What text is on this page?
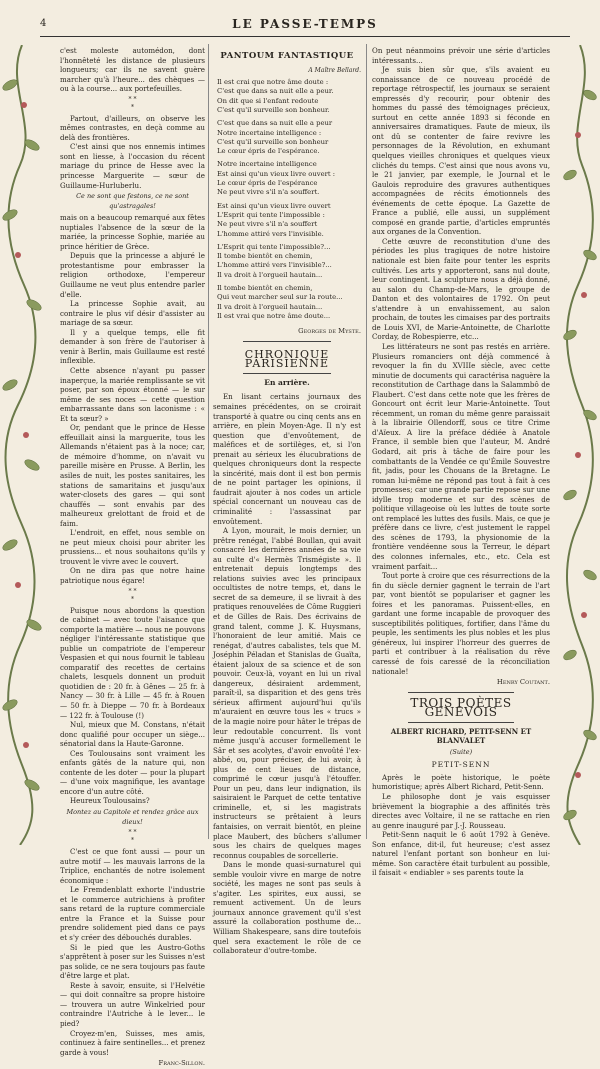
4	LE PASSE-TEMPS

c'est moleste automédon, dont l'honnêteté les distance de plusieurs longueurs; car ils ne savent guère marcher qu'à l'heure... des chèques — ou à la course... aux portefeuilles.

* *
*

Partout, d'ailleurs, on observe les mêmes contrastes, en deçà comme au delà des frontières.

C'est ainsi que nos ennemis intimes sont en liesse, à l'occasion du récent mariage du prince de Hesse avec la princesse Marguerite — sœur de Guillaume-Hurluberlu.

Ce ne sont que festons, ce ne sont qu'astragales!

mais on a beaucoup remarqué aux fêtes nuptiales l'absence de la sœur de la mariée, la princesse Sophie, mariée au prince héritier de Grèce.

Depuis que la princesse a abjuré le protestantisme pour embrasser la religion orthodoxe, l'empereur Guillaume ne veut plus entendre parler d'elle.

La princesse Sophie avait, au contraire le plus vif désir d'assister au mariage de sa sœur.

Il y a quelque temps, elle fit demander à son frère de l'autoriser à venir à Berlin, mais Guillaume est resté inflexible.

Cette absence n'ayant pu passer inaperçue, la mariée remplissante se vit poser, par son époux étonné — le sur même de ses noces — cette question embarrassante dans son laconisme : « Et ta sœur? »

Or, pendant que le prince de Hesse effeuillait ainsi la marguerite, tous les Allemands n'étaient pas à la noce; car, de mémoire d'homme, on n'avait vu pareille misère en Prusse. A Berlin, les asiles de nuit, les postes sanitaires, les stations de samaritains et jusqu'aux water-closets des gares — qui sont chauffés — sont envahis par des malheureux grelottant de froid et de faim.

L'endroit, en effet, nous semble on ne peut mieux choisi pour abriter les prussiens... et nous souhaitons qu'ils y trouvent le vivre avec le couvert.

On ne dira pas que notre haine patriotique nous égare!

* *
*

Puisque nous abordons la question de cabinet — avec toute l'aisance que comporte la matière — nous ne pouvons négliger l'intéressante statistique que publie un compatriote de l'empereur Vespasien et qui nous fournit le tableau comparatif des recettes de certains chalets, lesquels donnent un produit quotidien de : 20 fr. à Gênes — 25 fr. à Nancy — 30 fr. à Lille — 45 fr. à Rouen — 50 fr. à Dieppe — 70 fr. à Bordeaux — 122 fr. à Toulouse (!)

Nul, mieux que M. Constans, n'était donc qualifié pour occuper un siège... sénatorial dans la Haute-Garonne.

Ces Toulousains sont vraiment les enfants gâtés de la nature qui, non contente de les doter — pour la plupart — d'une voix magnifique, les avantage encore d'un autre côté.

Heureux Toulousains?

Montez au Capitole et rendez grâce aux dieux!
* *
*

C'est ce que font aussi — pour un autre motif — les mauvais larrons de la Triplice, enchantés de notre isolement économique :

Le Fremdenblatt exhorte l'industrie et le commerce autrichiens à profiter sans retard de la rupture commerciale entre la France et la Suisse pour prendre solidement pied dans ce pays et s'y créer des débouchés durables.

Si le pied que les Austro-Goths s'apprêtent à poser sur les Suisses n'est pas solide, ce ne sera toujours pas faute d'être large et plat.

Reste à savoir, ensuite, si l'Helvétie — qui doit connaître sa propre histoire — trouvera un autre Winkelried pour contraindre l'Autriche à le lever... le pied?

Croyez-m'en, Suisses, mes amis, continuez à faire sentinelles... et prenez garde à vous!

Franc-Sillon.
PANTOUM FANTASTIQUE
A Maître Bellard.
Il est crai que notre âme doute :
C'est que dans sa nuit elle a peur.
On dit que si l'enfant redoute
C'est qu'il surveille son bonheur.
C'est que dans sa nuit elle a peur
Notre incertaine intelligence :
C'est qu'il surveille son bonheur
Le cœur épris de l'espérance.
Notre incertaine intelligence
Est ainsi qu'un vieux livre ouvert :
Le cœur épris de l'espérance
Ne peut vivre s'il n'a souffert.
Est ainsi qu'un vieux livre ouvert
L'Esprit qui tente l'impossible :
Ne peut vivre s'il n'a souffert
L'homme attiré vers l'invisible.
L'Esprit qui tente l'impossible?...
Il tombe bientôt en chemin,
L'homme attiré vers l'invisible?...
Il va droit à l'orgueil hautain...
Il tombe bientôt en chemin,
Qui veut marcher seul sur la route...
Il va droit à l'orgueil hautain...
Il est vrai que notre âme doute...
Georges de Myste.
CHRONIQUE PARISIENNE
En arrière.

En lisant certains journaux des semaines précédentes, on se croirait transporté à quatre ou cinq cents ans en arrière, en plein Moyen-Age. Il n'y est question que d'envoûtement, de maléfices et de sortilèges, et, si l'on prenait au sérieux les élucubrations de quelques chroniqueurs dont la respecte la sincérité, mais dont il est bon permis de ne point partager les opinions, il faudrait ajouter à nos codes un article spécial concernant un nouveau cas de criminalité : l'assassinat par envoûtement.

A Lyon, mourait, le mois dernier, un prêtre renégat, l'abbé Boullan, qui avait consacré les dernières années de sa vie au culte d'« Hermès Trismégiste ». Il entretenait depuis longtemps des relations suivies avec les principaux occultistes de notre temps, et, dans le secret de sa demeure, il se livrait à des pratiques renouvelées de Côme Ruggieri et de Gilles de Rais. Des écrivains de grand talent, comme J. K. Huysmans, l'honoraient de leur amitié. Mais ce renégat, d'autres cabalistes, tels que M. Joséphin Péladan et Stanislas de Guaïta, étaient jaloux de sa science et de son pouvoir. Ceux-là, voyant en lui un rival dangereux, désiraient ardemment, paraît-il, sa disparition et des gens très sérieux affirment aujourd'hui qu'ils m'auraient en œuvre tous les « trucs » de la magie noire pour hâter le trépas de leur redoutable concurrent. Ils vont même jusqu'à accuser formellement le Sâr et ses acolytes, d'avoir envoûté l'ex-abbé, ou, pour préciser, de lui avoir, à plus de cent lieues de distance, comprimé le cœur jusqu'à l'étouffer. Pour un peu, dans leur indignation, ils saisiraient le Parquet de cette tentative criminelle, et, si les magistrats instructeurs se prêtaient à leurs fantaisies, on verrait bientôt, en pleine place Maubert, des bûchers s'allumer sous les chairs de quelques mages reconnus coupables de sorcellerie.

Dans le monde quasi-surnaturel qui semble vouloir vivre en marge de notre société, les mages ne sont pas seuls à s'agiter. Les spirites, eux aussi, se remuent activement. Un de leurs journaux annonce gravement qu'il s'est assuré la collaboration posthume de... William Shakespeare, sans dire toutefois quel sera exactement le rôle de ce collaborateur d'outre-tombe.

On peut néanmoins prévoir une série d'articles intéressants...

Je suis bien sûr que, s'ils avaient eu connaissance de ce nouveau procédé de reportage rétrospectif, les journaux se seraient empressés d'y recourir, pour obtenir des hommes du passé des témoignages précieux, surtout en cette année 1893 si féconde en anniversaires dramatiques. Faute de mieux, ils ont dû se contenter de faire revivre les personnages de la Révolution, en exhumant quelques vieilles chroniques et quelques vieux clichés du temps. C'est ainsi que nous avons vu, le 21 janvier, par exemple, le Journal et le Gaulois reproduire des gravures authentiques accompagnées de récits émotionnels des événements de cette époque. La Gazette de France a publié, elle aussi, un supplément composé en grande partie, d'articles empruntés aux organes de la Convention.

Cette œuvre de reconstitution d'une des périodes les plus tragiques de notre histoire nationale est bien faite pour tenter les esprits cultivés. Les arts y apporteront, sans nul doute, leur contingent. La sculpture nous a déjà donné, au salon du Champ-de-Mars, le groupe de Danton et des volontaires de 1792. On peut s'attendre à un envahissement, au salon prochain, de toutes les cimaises par des portraits de Louis XVI, de Marie-Antoinette, de Charlotte Corday, de Robespierre, etc...

Les littérateurs ne sont pas restés en arrière. Plusieurs romanciers ont déjà commencé à revoquer la fin du XVIIIe siècle, avec cette minutie de documents qui caractérisa naguère la reconstitution de Carthage dans la Salammbô de Flaubert. C'est dans cette note que les frères de Goncourt ont écrit leur Marie-Antoinette. Tout récemment, un roman du même genre paraissait à la librairie Ollendorff, sous ce titre Crime d'Aïeux. A lire la préface dédiée à Anatole France, il semble bien que l'auteur, M. André Godard, ait pris à tâche de faire pour les combattants de la Vendée ce qu'Émile Souvestre fit, jadis, pour les Chouans de la Bretagne. Le roman lui-même ne répond pas tout à fait à ces promesses; car une grande partie repose sur une idylle trop moderne et sur des scènes de politique villageoise où les luttes de toute sorte ont remplacé les luttes des fusils. Mais, ce que je préfère dans ce livre, c'est justement le rappel des scènes de 1793, la physionomie de la frontière vendéenne sous la Terreur, le départ des colonnes infernales, etc., etc. Cela est vraiment parfait...

Tout porte à croire que ces résurrections de la fin du siècle dernier gagnent le terrain de l'art par, vont bientôt se populariser et gagner les foires et les panoramas. Puissent-elles, en gardant une forme incapable de provoquer des susceptibilités politiques, fortifier, dans l'âme du peuple, les sentiments les plus nobles et les plus généreux, lui inspirer l'horreur des guerres de parti et contribuer à la réalisation du rêve caressé de fois caressé de la réconciliation nationale!

Henry Coutant.
TROIS POÈTES GENEVOIS
ALBERT RICHARD, PETIT-SENN ET BLANVALET
(Suite)
PETIT-SENN

Après le poète historique, le poète humoristique; après Albert Richard, Petit-Senn.

Le philosophe dont je vais esquisser brièvement la biographie a des affinités très directes avec Voltaire, il ne se rattache en rien au genre inauguré par J.-J. Rousseau.

Petit-Senn naquit le 6 août 1792 à Genève. Son enfance, dit-il, fut heureuse; c'est assez naturel l'enfant portant son bonheur en lui-même. Son caractère était turbulent au possible, il faisait « endiabler » ses parents toute la
